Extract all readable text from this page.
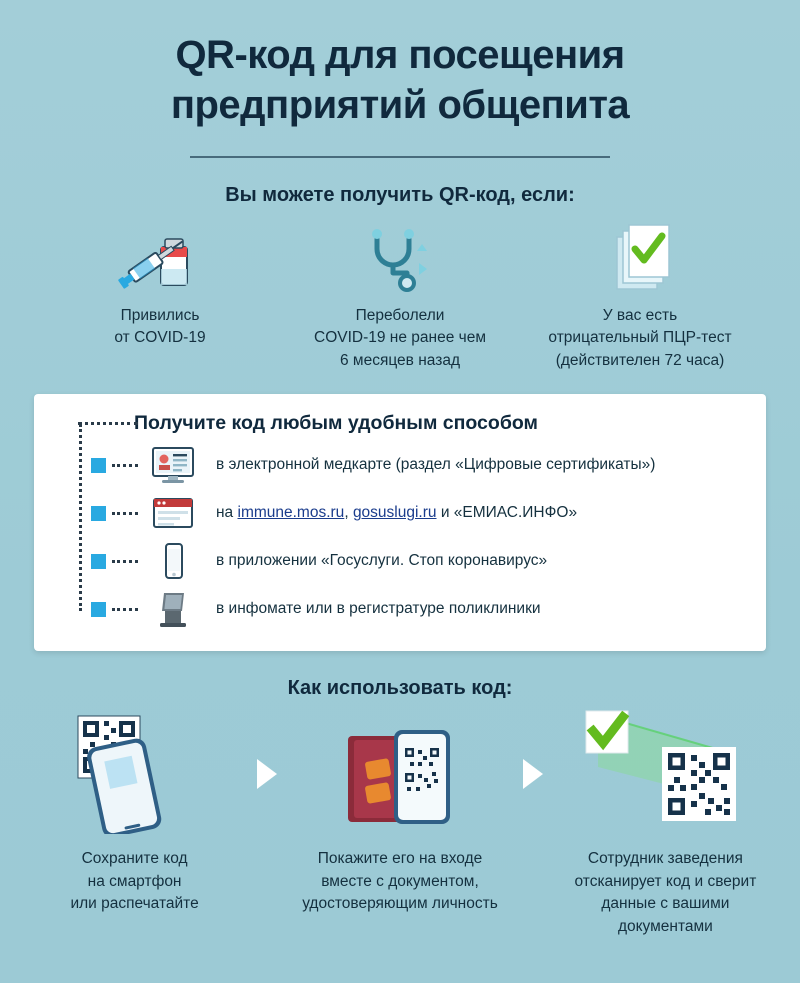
QR-код для посещения
предприятий общепита
Вы можете получить QR-код, если:
Привились
от COVID-19
Переболели
COVID-19 не ранее чем
6 месяцев назад
У вас есть
отрицательный ПЦР-тест
(действителен 72 часа)
Получите код любым удобным способом
в электронной медкарте (раздел «Цифровые сертификаты»)
на immune.mos.ru, gosuslugi.ru и «ЕМИАС.ИНФО»
в приложении «Госуслуги. Стоп коронавирус»
в инфомате или в регистратуре поликлиники
Как использовать код:
Сохраните код
на смартфон
или распечатайте
Покажите его на входе
вместе с документом,
удостоверяющим личность
Сотрудник заведения
отсканирует код и сверит
данные с вашими документами
